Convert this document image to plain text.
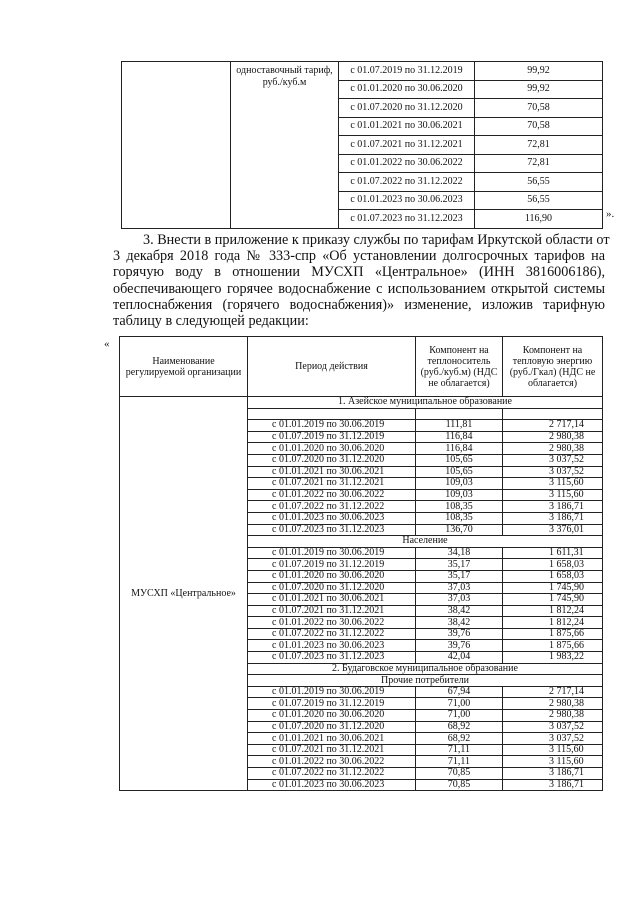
	одноставочный тариф, руб./куб.м	с 01.07.2019 по 31.12.2019	99,92
		с 01.01.2020 по 30.06.2020	99,92
		с 01.07.2020 по 31.12.2020	70,58
		с 01.01.2021 по 30.06.2021	70,58
		с 01.07.2021 по 31.12.2021	72,81
		с 01.01.2022 по 30.06.2022	72,81
		с 01.07.2022 по 31.12.2022	56,55
		с 01.01.2023 по 30.06.2023	56,55
		с 01.07.2023 по 31.12.2023	116,90	».
3. Внести в приложение к приказу службы по тарифам Иркутской области от
3 декабря 2018 года № 333-спр «Об установлении долгосрочных тарифов на
горячую воду в отношении МУСХП «Центральное» (ИНН 3816006186),
обеспечивающего горячее водоснабжение с использованием открытой системы
теплоснабжения (горячего водоснабжения)» изменение, изложив тарифную
таблицу в следующей редакции:
«
Наименование регулируемой организации	Период действия	Компонент на теплоноситель (руб./куб.м) (НДС не облагается)	Компонент на тепловую энергию (руб./Гкал) (НДС не облагается)
МУСХП «Центральное»	1. Азейское муниципальное образование		

	с 01.01.2019 по 30.06.2019	111,81	2 717,14
	с 01.07.2019 по 31.12.2019	116,84	2 980,38
	с 01.01.2020 по 30.06.2020	116,84	2 980,38
	с 01.07.2020 по 31.12.2020	105,65	3 037,52
	с 01.01.2021 по 30.06.2021	105,65	3 037,52
	с 01.07.2021 по 31.12.2021	109,03	3 115,60
	с 01.01.2022 по 30.06.2022	109,03	3 115,60
	с 01.07.2022 по 31.12.2022	108,35	3 186,71
	с 01.01.2023 по 30.06.2023	108,35	3 186,71
	с 01.07.2023 по 31.12.2023	136,70	3 376,01
	Население		
	с 01.01.2019 по 30.06.2019	34,18	1 611,31
	с 01.07.2019 по 31.12.2019	35,17	1 658,03
	с 01.01.2020 по 30.06.2020	35,17	1 658,03
	с 01.07.2020 по 31.12.2020	37,03	1 745,90
	с 01.01.2021 по 30.06.2021	37,03	1 745,90
	с 01.07.2021 по 31.12.2021	38,42	1 812,24
	с 01.01.2022 по 30.06.2022	38,42	1 812,24
	с 01.07.2022 по 31.12.2022	39,76	1 875,66
	с 01.01.2023 по 30.06.2023	39,76	1 875,66
	с 01.07.2023 по 31.12.2023	42,04	1 983,22
	2. Будаговское муниципальное образование		
	Прочие потребители		
	с 01.01.2019 по 30.06.2019	67,94	2 717,14
	с 01.07.2019 по 31.12.2019	71,00	2 980,38
	с 01.01.2020 по 30.06.2020	71,00	2 980,38
	с 01.07.2020 по 31.12.2020	68,92	3 037,52
	с 01.01.2021 по 30.06.2021	68,92	3 037,52
	с 01.07.2021 по 31.12.2021	71,11	3 115,60
	с 01.01.2022 по 30.06.2022	71,11	3 115,60
	с 01.07.2022 по 31.12.2022	70,85	3 186,71
	с 01.01.2023 по 30.06.2023	70,85	3 186,71
